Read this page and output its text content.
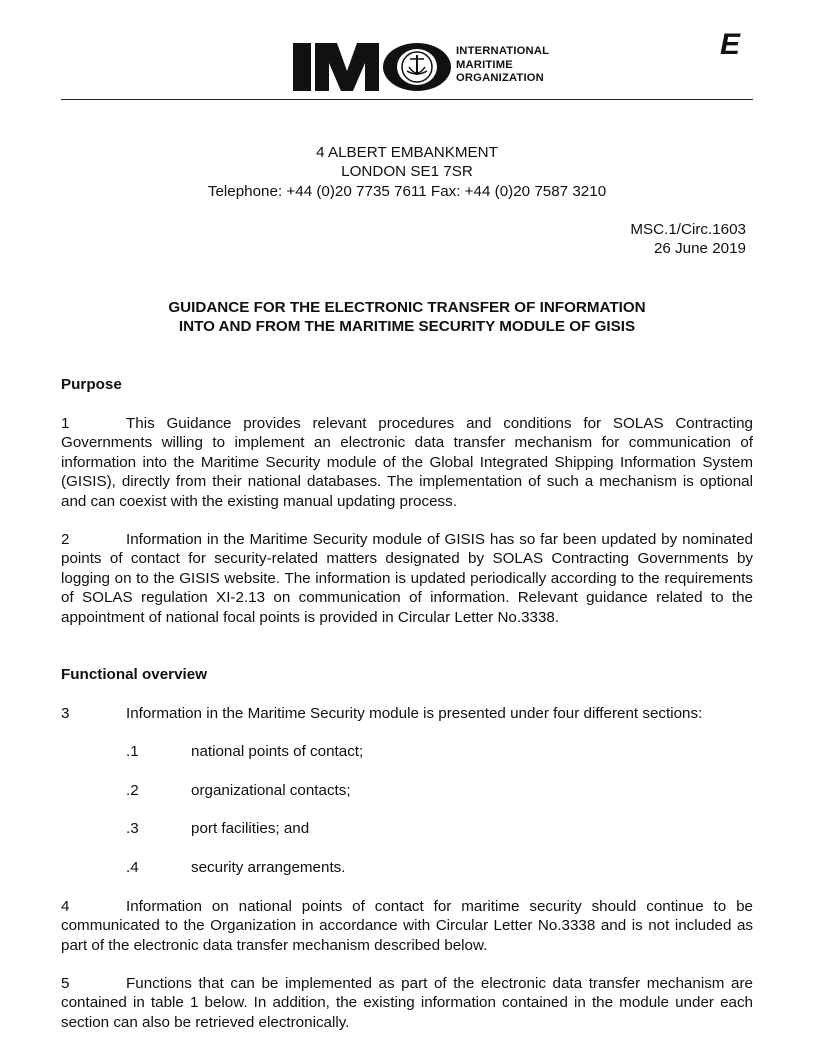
IMO
INTERNATIONAL
MARITIME
ORGANIZATION
E
4 ALBERT EMBANKMENT
LONDON SE1 7SR
Telephone: +44 (0)20 7735 7611 Fax: +44 (0)20 7587 3210
MSC.1/Circ.1603
26 June 2019
GUIDANCE FOR THE ELECTRONIC TRANSFER OF INFORMATION
INTO AND FROM THE MARITIME SECURITY MODULE OF GISIS
Purpose
1	This Guidance provides relevant procedures and conditions for SOLAS Contracting Governments willing to implement an electronic data transfer mechanism for communication of information into the Maritime Security module of the Global Integrated Shipping Information System (GISIS), directly from their national databases. The implementation of such a mechanism is optional and can coexist with the existing manual updating process.
2	Information in the Maritime Security module of GISIS has so far been updated by nominated points of contact for security-related matters designated by SOLAS Contracting Governments by logging on to the GISIS website. The information is updated periodically according to the requirements of SOLAS regulation XI-2.13 on communication of information. Relevant guidance related to the appointment of national focal points is provided in Circular Letter No.3338.
Functional overview
3	Information in the Maritime Security module is presented under four different sections:
.1	national points of contact;
.2	organizational contacts;
.3	port facilities; and
.4	security arrangements.
4	Information on national points of contact for maritime security should continue to be communicated to the Organization in accordance with Circular Letter No.3338 and is not included as part of the electronic data transfer mechanism described below.
5	Functions that can be implemented as part of the electronic data transfer mechanism are contained in table 1 below. In addition, the existing information contained in the module under each section can also be retrieved electronically.
